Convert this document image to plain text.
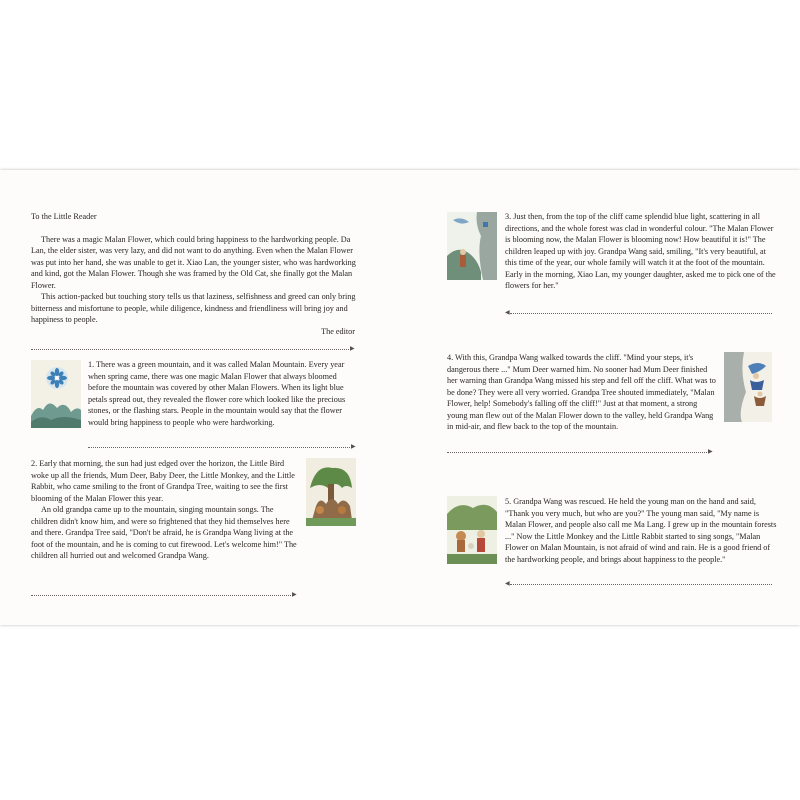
To the Little Reader

There was a magic Malan Flower, which could bring happiness to the hardworking people. Da Lan, the elder sister, was very lazy, and did not want to do anything. Even when the Malan Flower was put into her hand, she was unable to get it. Xiao Lan, the younger sister, who was hardworking and kind, got the Malan Flower. Though she was framed by the Old Cat, she finally got the Malan Flower.

This action-packed but touching story tells us that laziness, selfishness and greed can only bring bitterness and misfortune to people, while diligence, kindness and friendliness will bring joy and happiness to people.

The editor

▶

1. There was a green mountain, and it was called Malan Mountain. Every year when spring came, there was one magic Malan Flower that always bloomed before the mountain was covered by other Malan Flowers. When its light blue petals spread out, they revealed the flower core which looked like the precious stones, or the flashing stars. People in the mountain would say that the flower would bring happiness to people who were hardworking.

▶

2. Early that morning, the sun had just edged over the horizon, the Little Bird woke up all the friends, Mum Deer, Baby Deer, the Little Monkey, and the Little Rabbit, who came smiling to the front of Grandpa Tree, waiting to see the first blooming of the Malan Flower this year.

An old grandpa came up to the mountain, singing mountain songs. The children didn't know him, and were so frightened that they hid themselves here and there. Grandpa Tree said, "Don't be afraid, he is Grandpa Wang living at the foot of the mountain, and he is coming to cut firewood. Let's welcome him!" The children all hurried out and welcomed Grandpa Wang.

▶

3. Just then, from the top of the cliff came splendid blue light, scattering in all directions, and the whole forest was clad in wonderful colour. "The Malan Flower is blooming now, the Malan Flower is blooming now! How beautiful it is!" The children leaped up with joy. Grandpa Wang said, smiling, "It's very beautiful, at this time of the year, our whole family will watch it at the foot of the mountain. Early in the morning, Xiao Lan, my younger daughter, asked me to pick one of the flowers for her."

◀

4. With this, Grandpa Wang walked towards the cliff. "Mind your steps, it's dangerous there ..." Mum Deer warned him. No sooner had Mum Deer finished her warning than Grandpa Wang missed his step and fell off the cliff. What was to be done? They were all very worried. Grandpa Tree shouted immediately, "Malan Flower, help! Somebody's falling off the cliff!" Just at that moment, a strong young man flew out of the Malan Flower down to the valley, held Grandpa Wang in mid-air, and flew back to the top of the mountain.

▶

5. Grandpa Wang was rescued. He held the young man on the hand and said, "Thank you very much, but who are you?" The young man said, "My name is Malan Flower, and people also call me Ma Lang. I grew up in the mountain forests ..." Now the Little Monkey and the Little Rabbit started to sing songs, "Malan Flower on Malan Mountain, is not afraid of wind and rain. He is a good friend of the hardworking people, and brings about happiness to the people."

◀
